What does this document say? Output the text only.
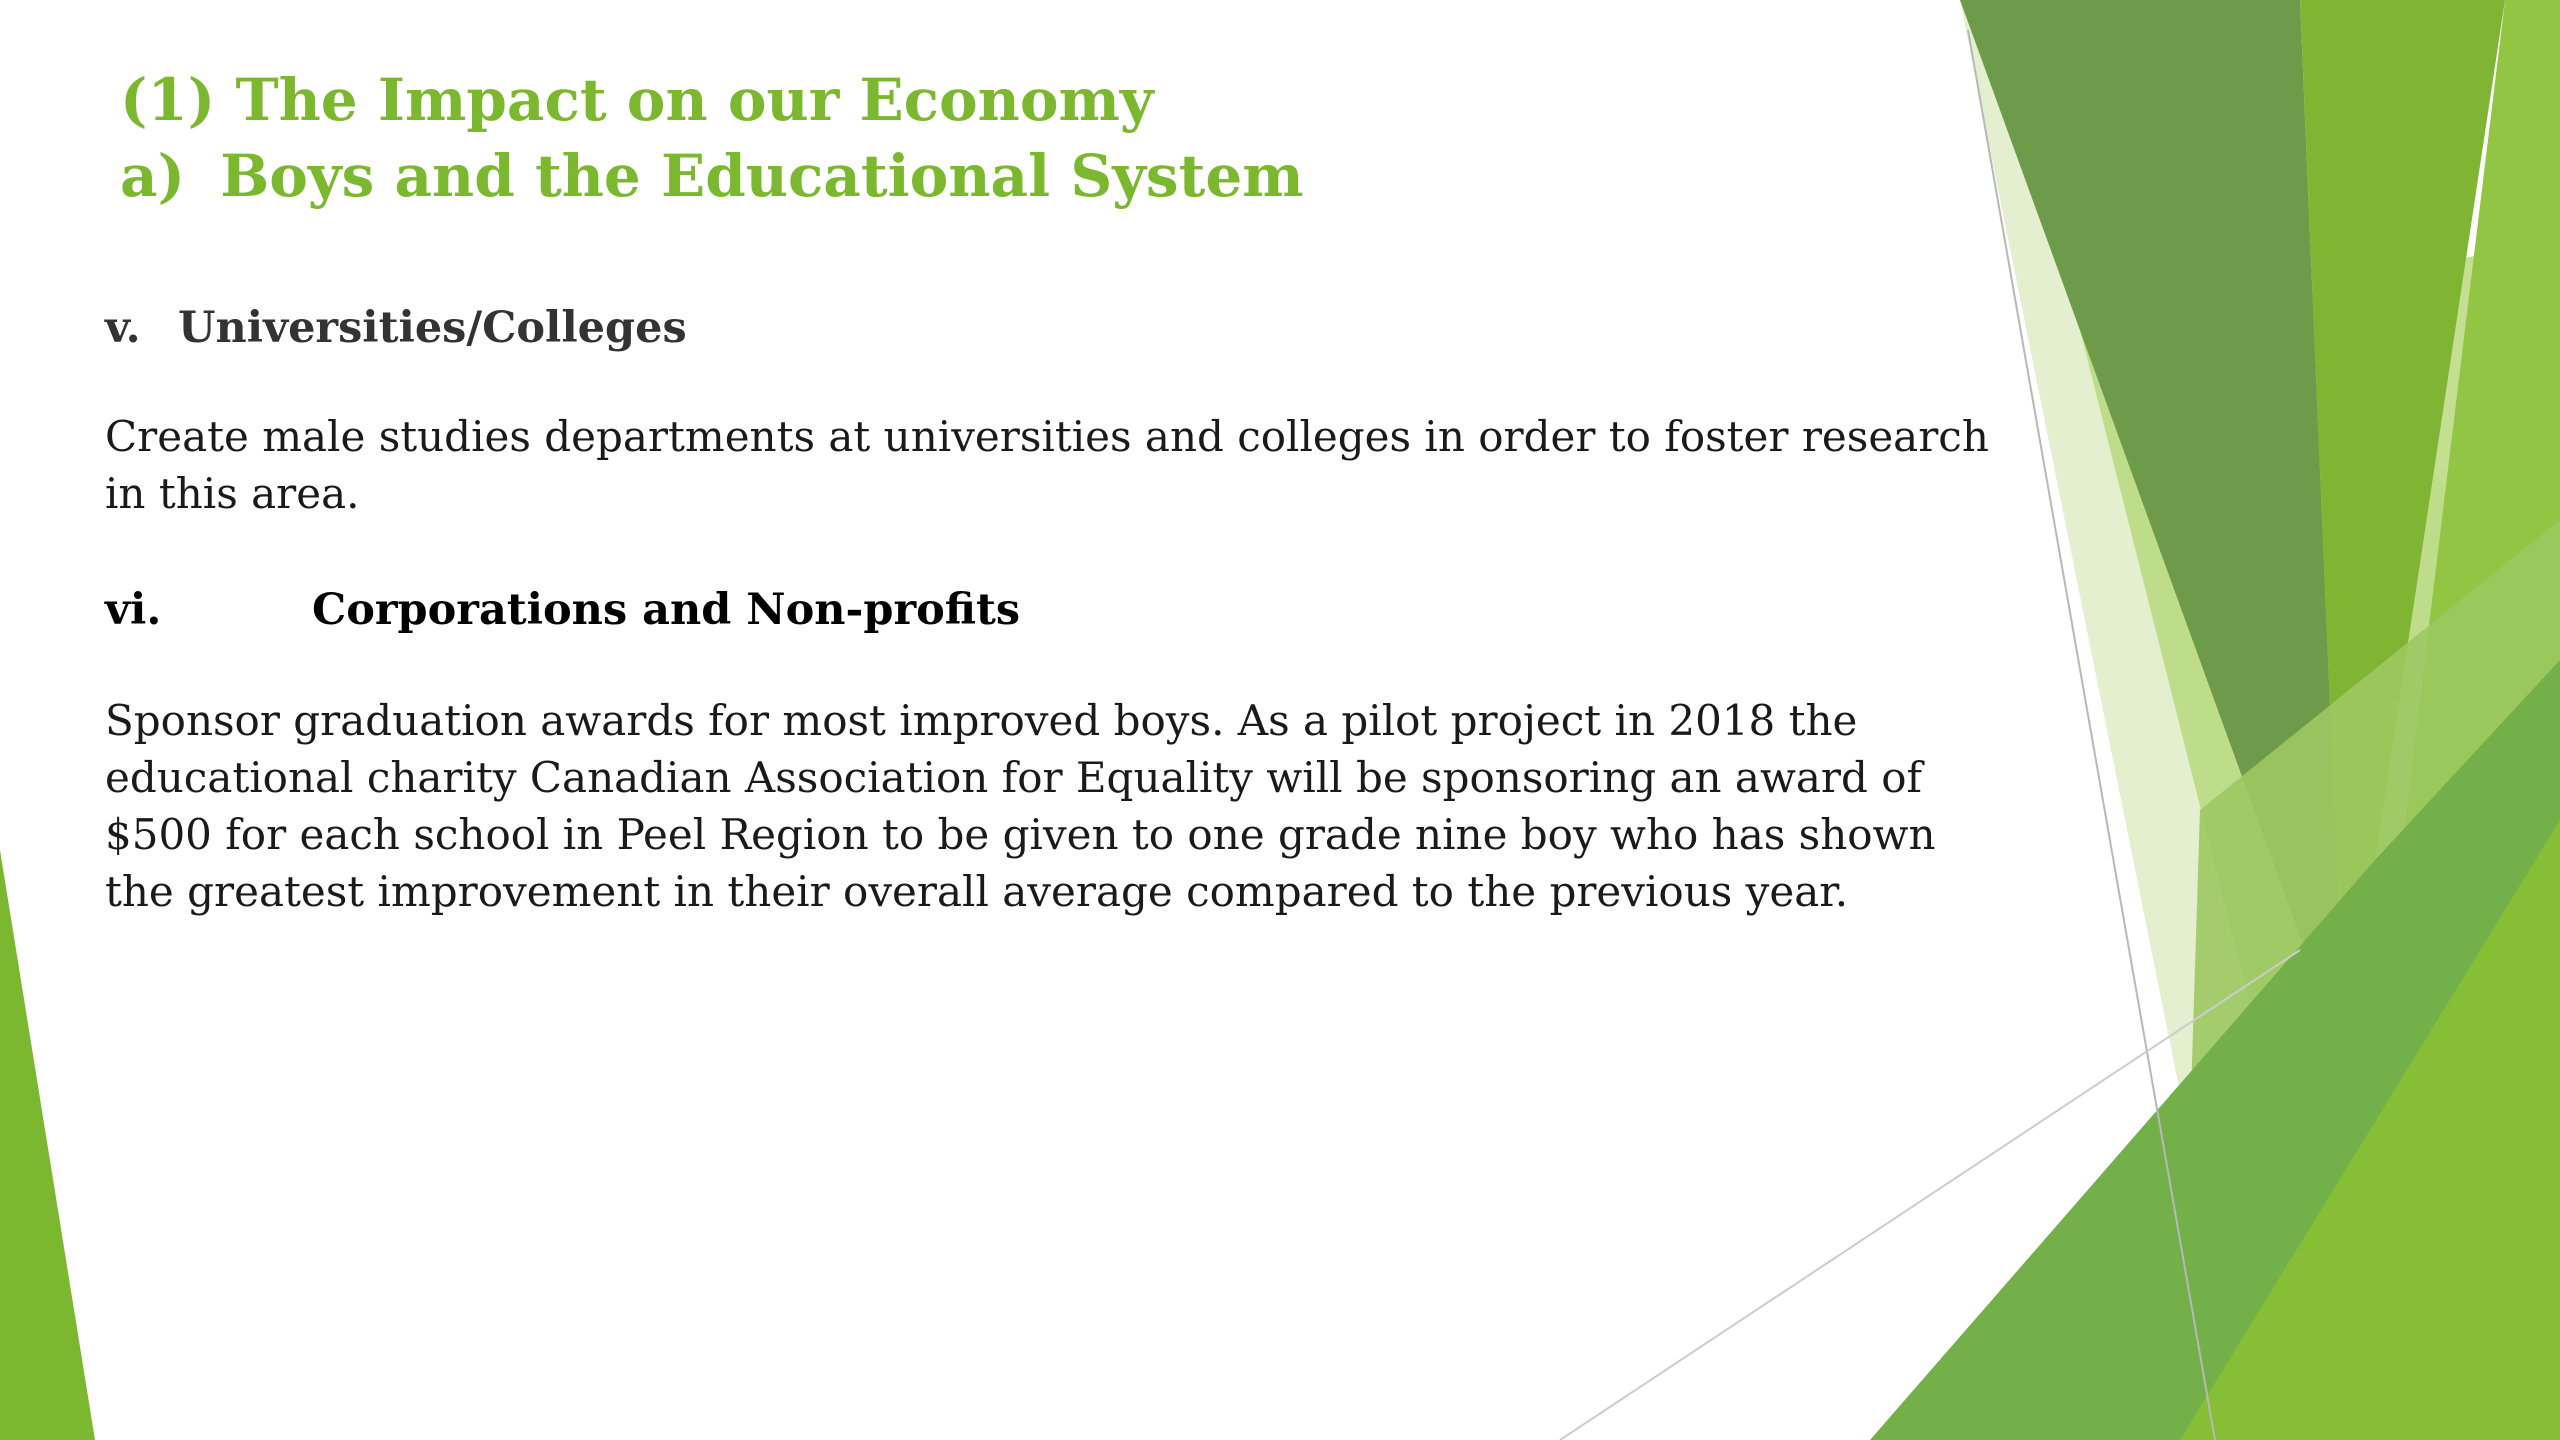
(1) The Impact on our Economy
a) Boys and the Educational System

v. Universities/Colleges

Create male studies departments at universities and colleges in order to foster research in this area.

vi.	Corporations and Non-profits

Sponsor graduation awards for most improved boys. As a pilot project in 2018 the educational charity Canadian Association for Equality will be sponsoring an award of $500 for each school in Peel Region to be given to one grade nine boy who has shown the greatest improvement in their overall average compared to the previous year.
